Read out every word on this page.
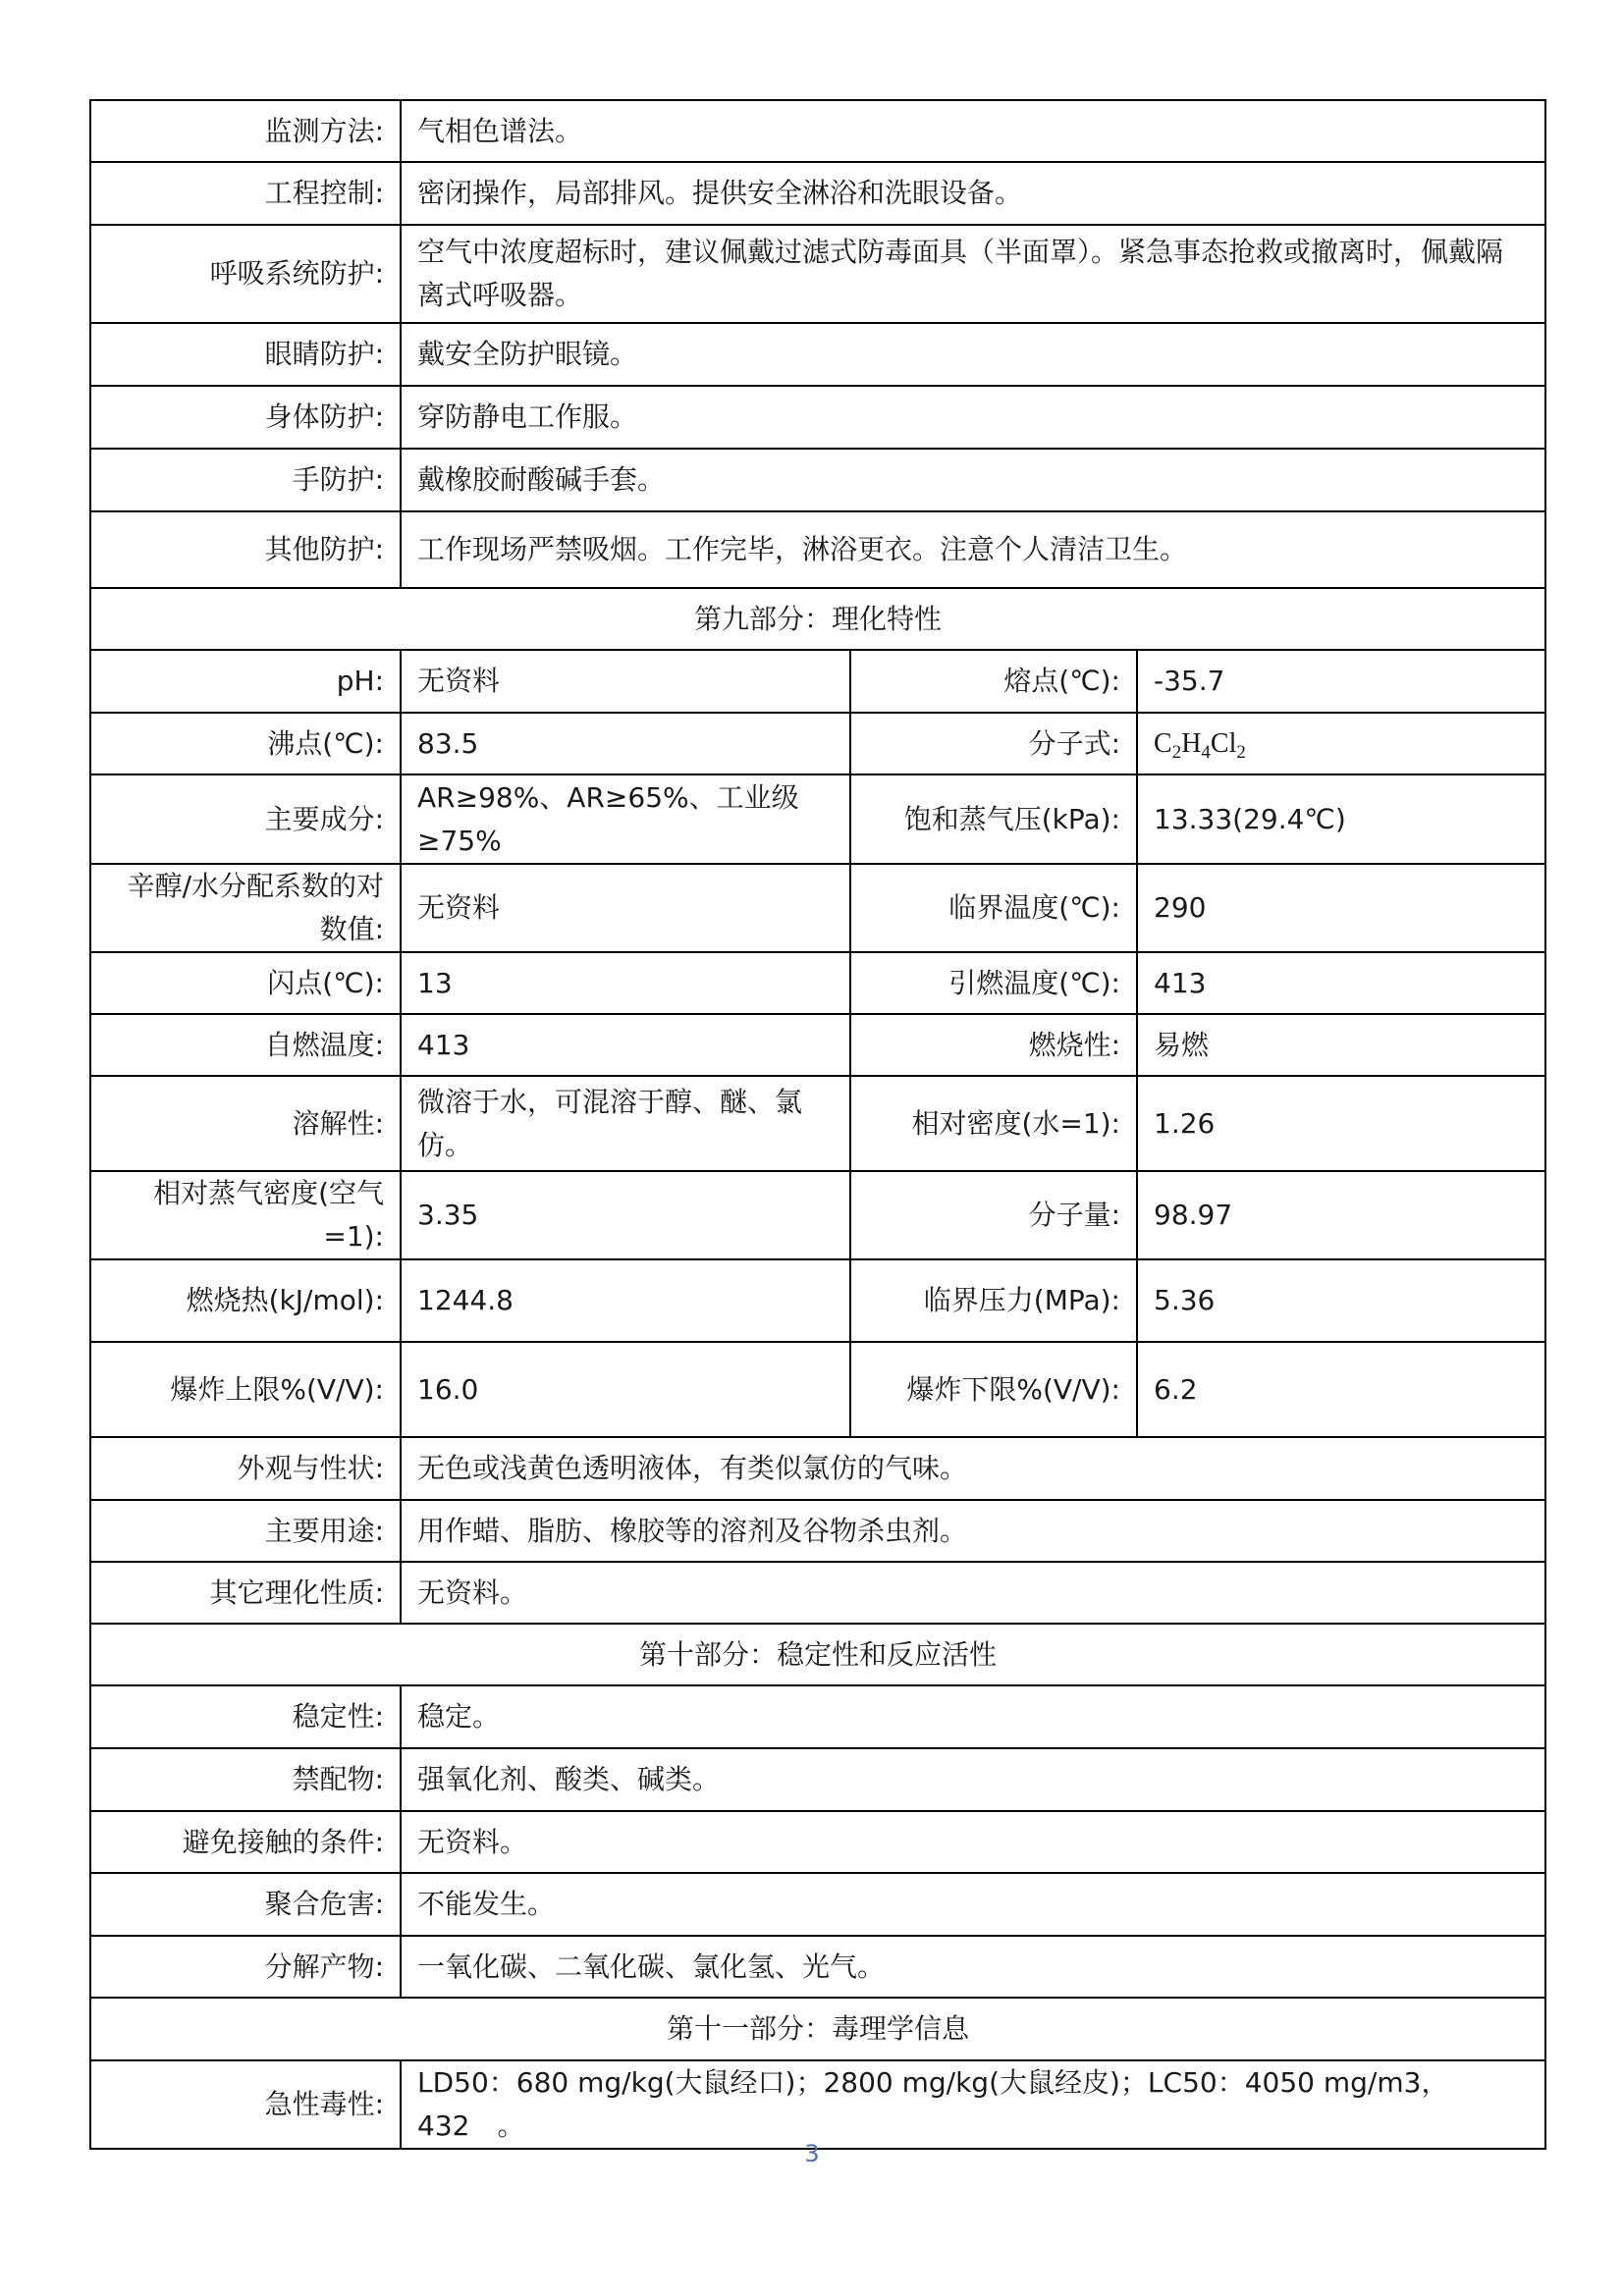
监测方法:	气相色谱法。		
工程控制:	密闭操作，局部排风。提供安全淋浴和洗眼设备。		
呼吸系统防护:	空气中浓度超标时，建议佩戴过滤式防毒面具（半面罩）。紧急事态抢救或撤离时，佩戴隔离式呼吸器。		
眼睛防护:	戴安全防护眼镜。		
身体防护:	穿防静电工作服。		
手防护:	戴橡胶耐酸碱手套。		
其他防护:	工作现场严禁吸烟。工作完毕，淋浴更衣。注意个人清洁卫生。		
第九部分：理化特性			
pH:	无资料	熔点(℃):	-35.7
沸点(℃):	83.5	分子式:	$C_2H_4Cl_2$
主要成分:	AR≥98%、AR≥65%、工业级≥75%	饱和蒸气压(kPa):	13.33(29.4℃)
辛醇/水分配系数的对数值:	无资料	临界温度(℃):	290
闪点(℃):	13	引燃温度(℃):	413
自燃温度:	413	燃烧性:	易燃
溶解性:	微溶于水，可混溶于醇、醚、氯仿。	相对密度(水=1):	1.26
相对蒸气密度(空气=1):	3.35	分子量:	98.97
燃烧热(kJ/mol):	1244.8	临界压力(MPa):	5.36
爆炸上限%(V/V):	16.0	爆炸下限%(V/V):	6.2
外观与性状:	无色或浅黄色透明液体，有类似氯仿的气味。		
主要用途:	用作蜡、脂肪、橡胶等的溶剂及谷物杀虫剂。		
其它理化性质:	无资料。		
第十部分：稳定性和反应活性			
稳定性:	稳定。		
禁配物:	强氧化剂、酸类、碱类。		
避免接触的条件:	无资料。		
聚合危害:	不能发生。		
分解产物:	一氧化碳、二氧化碳、氯化氢、光气。		
第十一部分：毒理学信息			
急性毒性:	LD50：680 mg/kg(大鼠经口)；2800 mg/kg(大鼠经皮)；LC50：4050 mg/m3，432　。		
3
